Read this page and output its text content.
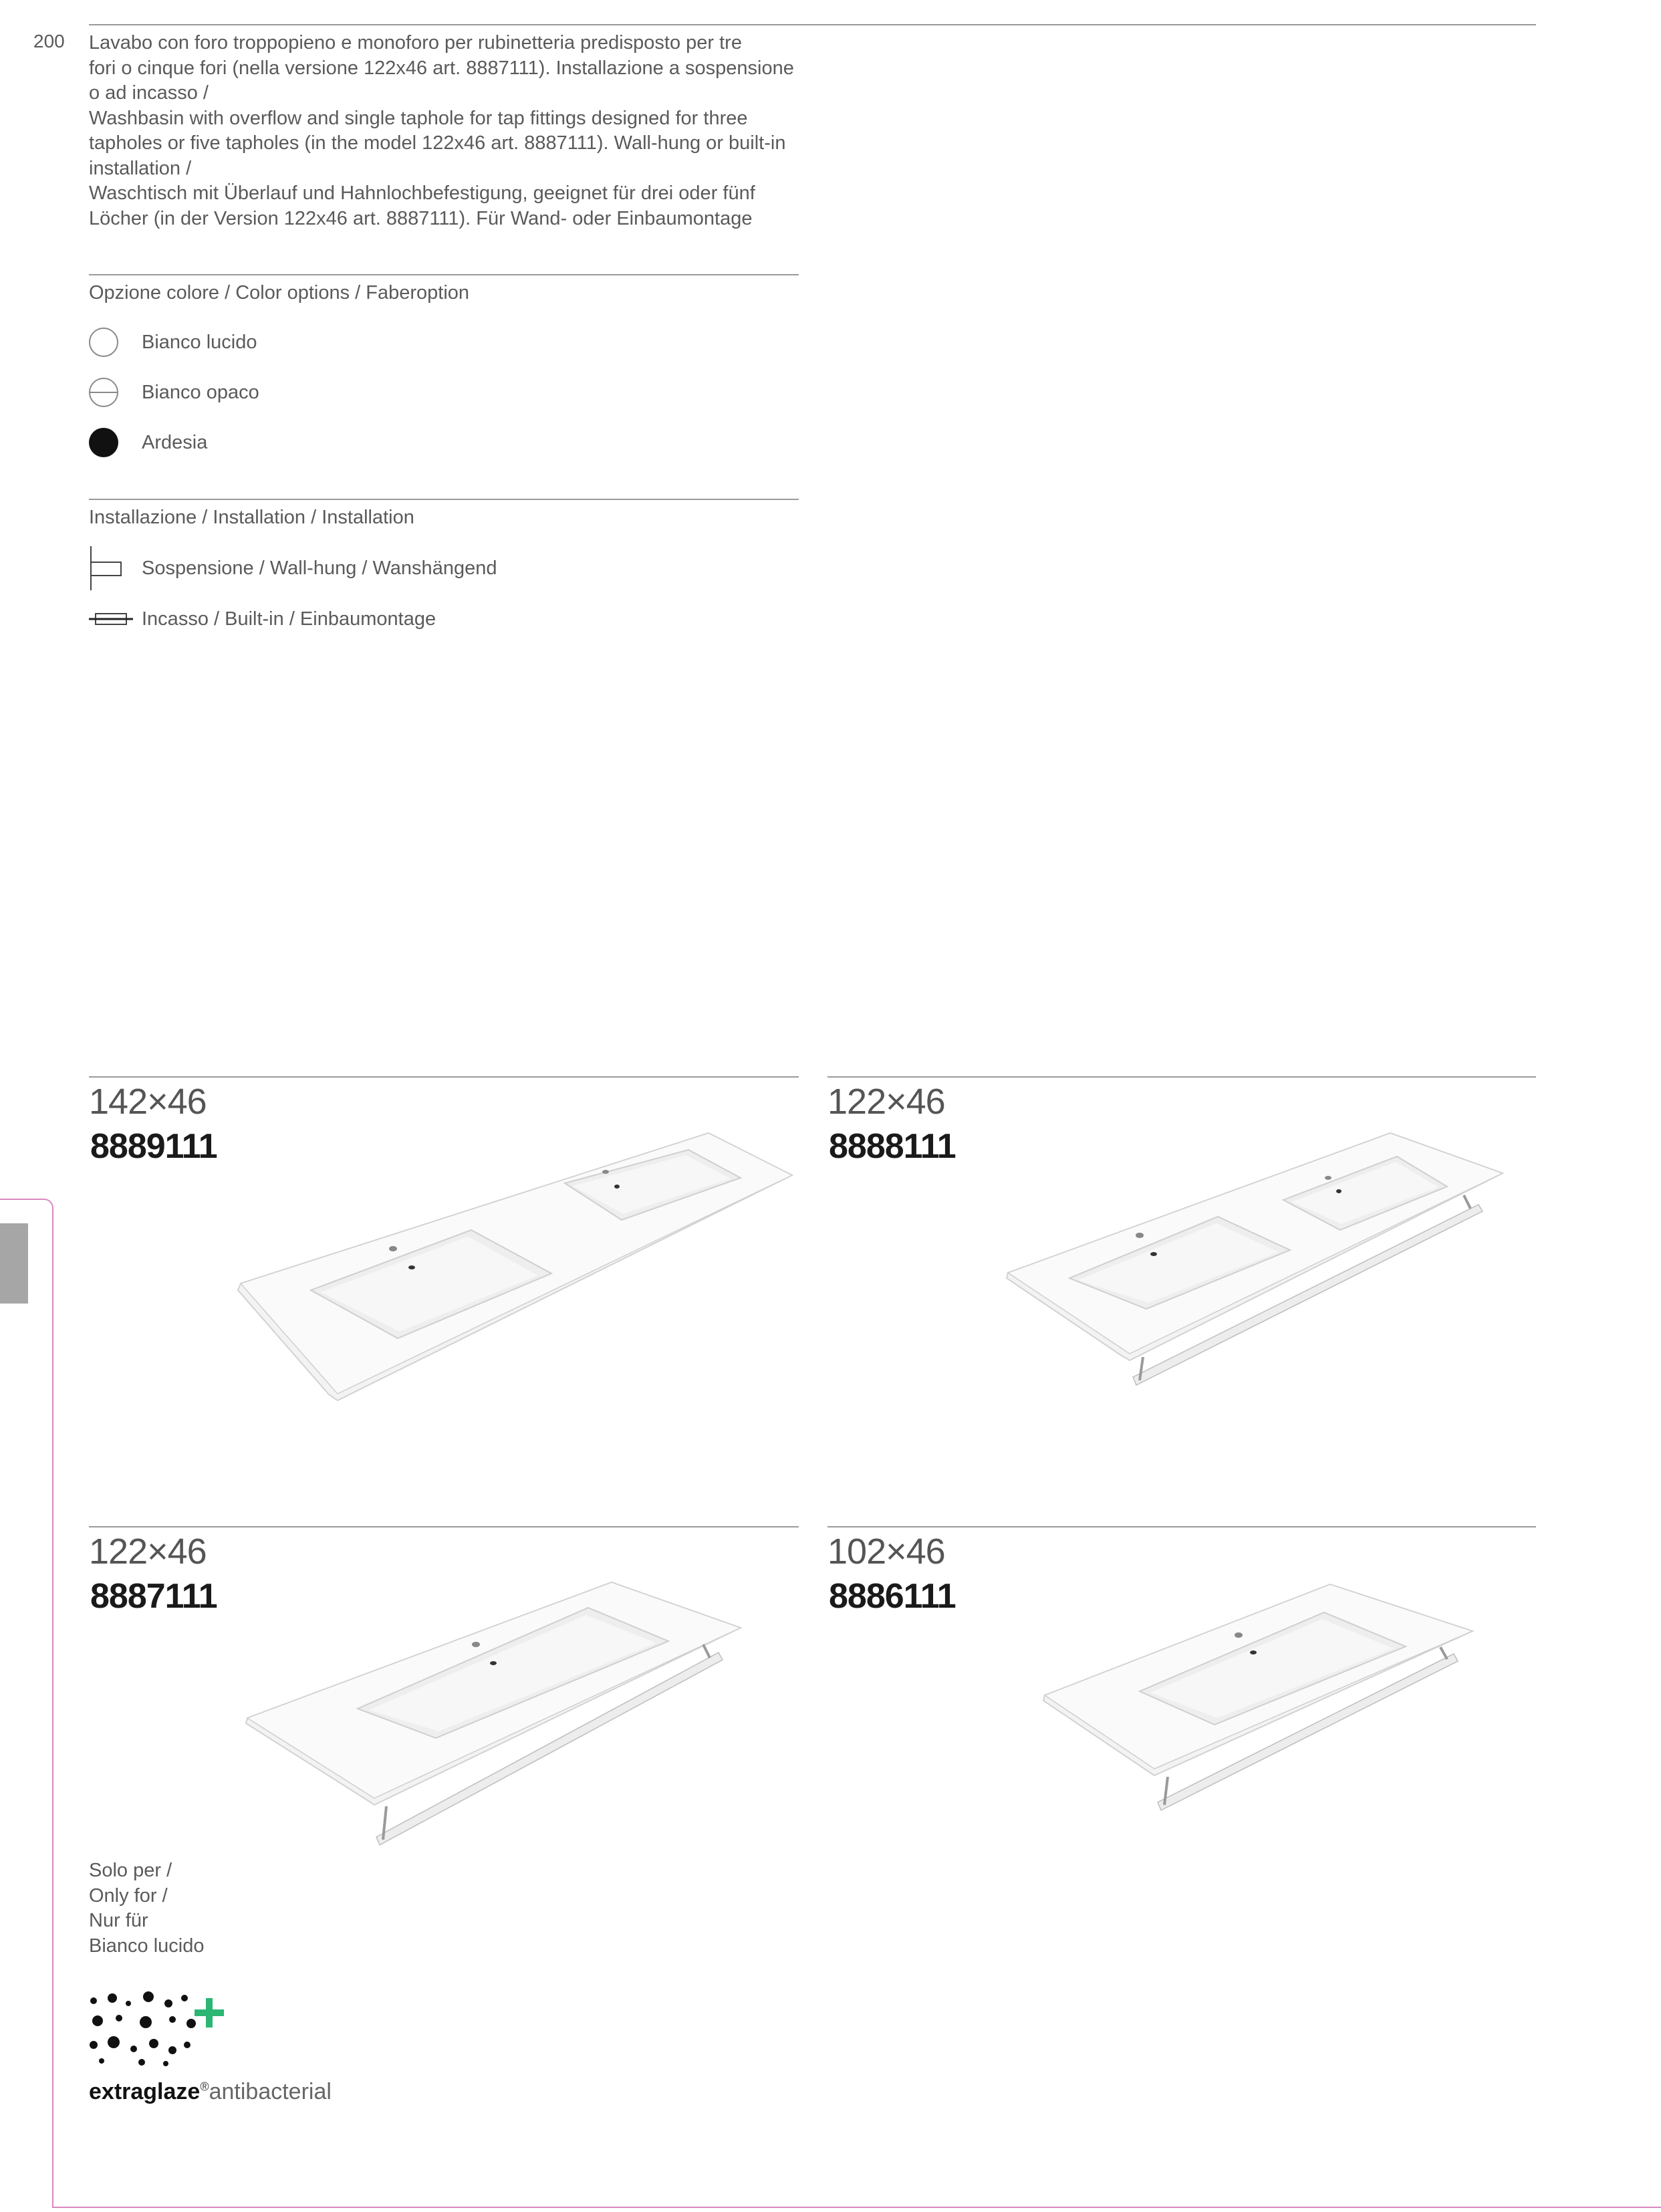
200 Lavabo con foro troppopieno e monoforo per rubinetteria predisposto per tre
fori o cinque fori (nella versione 122x46 art. 8887111). Installazione a sospensione
o ad incasso /
Washbasin with overflow and single taphole for tap fittings designed for three
tapholes or five tapholes (in the model 122x46 art. 8887111). Wall-hung or built-in
installation /
Waschtisch mit Überlauf und Hahnlochbefestigung, geeignet für drei oder fünf
Löcher (in der Version 122x46 art. 8887111). Für Wand- oder Einbaumontage
Opzione colore / Color options / Faberoption
Bianco lucido
Bianco opaco
Ardesia
Installazione / Installation / Installation
Sospensione / Wall-hung / Wanshängend
Incasso / Built-in / Einbaumontage
142×46
8889111
122×46
8888111
122×46
8887111
102×46
8886111
Solo per /
Only for /
Nur für
Bianco lucido
extraglaze®antibacterial
